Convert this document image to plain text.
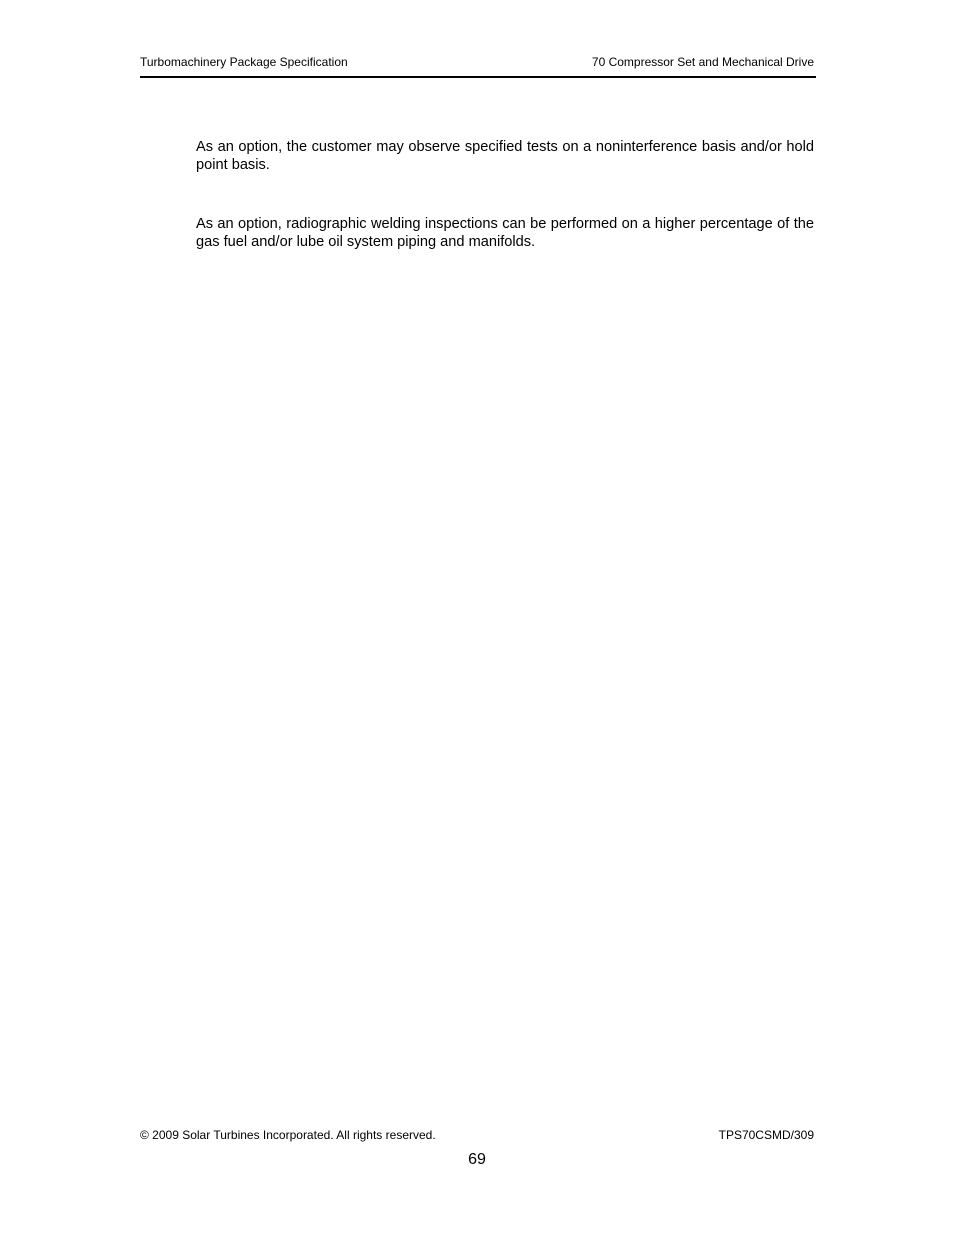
Turbomachinery Package Specification	70 Compressor Set and Mechanical Drive

As an option, the customer may observe specified tests on a noninterference basis and/or hold point basis.

As an option, radiographic welding inspections can be performed on a higher percentage of the gas fuel and/or lube oil system piping and manifolds.

© 2009 Solar Turbines Incorporated. All rights reserved.	TPS70CSMD/309
69
